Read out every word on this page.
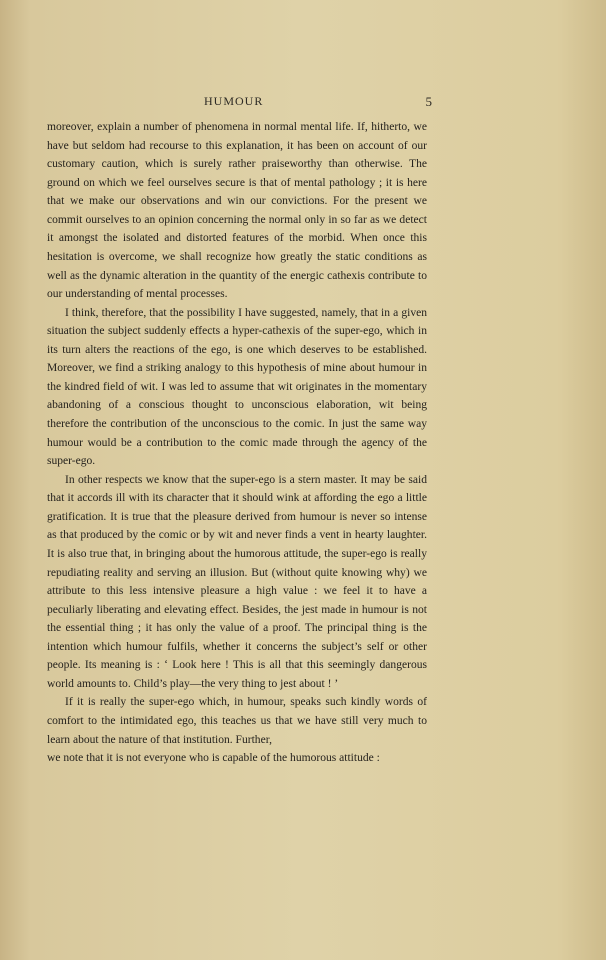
HUMOUR	5

moreover, explain a number of phenomena in normal mental life. If, hitherto, we have but seldom had recourse to this explanation, it has been on account of our customary caution, which is surely rather praiseworthy than otherwise. The ground on which we feel ourselves secure is that of mental pathology ; it is here that we make our observations and win our convictions. For the present we commit ourselves to an opinion concerning the normal only in so far as we detect it amongst the isolated and distorted features of the morbid. When once this hesitation is overcome, we shall recognize how greatly the static conditions as well as the dynamic alteration in the quantity of the energic cathexis contribute to our understanding of mental processes.

I think, therefore, that the possibility I have suggested, namely, that in a given situation the subject suddenly effects a hyper-cathexis of the super-ego, which in its turn alters the reactions of the ego, is one which deserves to be established. Moreover, we find a striking analogy to this hypothesis of mine about humour in the kindred field of wit. I was led to assume that wit originates in the momentary abandoning of a conscious thought to unconscious elaboration, wit being therefore the contribution of the unconscious to the comic. In just the same way humour would be a contribution to the comic made through the agency of the super-ego.

In other respects we know that the super-ego is a stern master. It may be said that it accords ill with its character that it should wink at affording the ego a little gratification. It is true that the pleasure derived from humour is never so intense as that produced by the comic or by wit and never finds a vent in hearty laughter. It is also true that, in bringing about the humorous attitude, the super-ego is really repudiating reality and serving an illusion. But (without quite knowing why) we attribute to this less intensive pleasure a high value : we feel it to have a peculiarly liberating and elevating effect. Besides, the jest made in humour is not the essential thing ; it has only the value of a proof. The principal thing is the intention which humour fulfils, whether it concerns the subject’s self or other people. Its meaning is : ‘ Look here ! This is all that this seemingly dangerous world amounts to. Child’s play—the very thing to jest about ! ’

If it is really the super-ego which, in humour, speaks such kindly words of comfort to the intimidated ego, this teaches us that we have still very much to learn about the nature of that institution. Further,

we note that it is not everyone who is capable of the humorous attitude :
